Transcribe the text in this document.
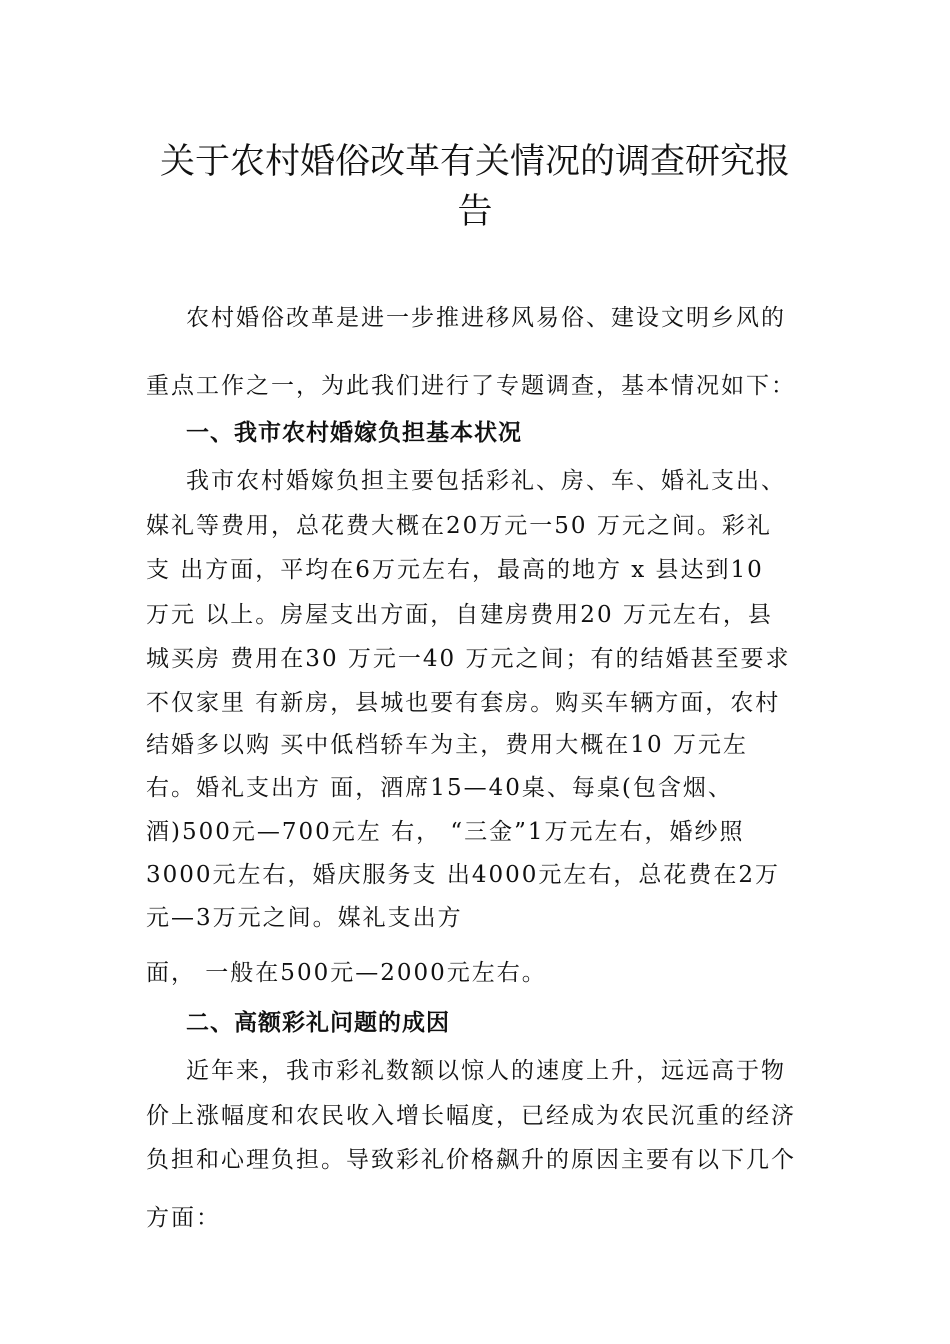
关于农村婚俗改革有关情况的调查研究报
告
农村婚俗改革是进一步推进移风易俗、建设文明乡风的
重点工作之一，为此我们进行了专题调查，基本情况如下：
一、我市农村婚嫁负担基本状况
我市农村婚嫁负担主要包括彩礼、房、车、婚礼支出、
媒礼等费用，总花费大概在20万元一50 万元之间。彩礼
支 出方面，平均在6万元左右，最高的地方 x 县达到10
万元 以上。房屋支出方面，自建房费用20 万元左右，县
城买房 费用在30 万元一40 万元之间；有的结婚甚至要求
不仅家里 有新房，县城也要有套房。购买车辆方面，农村
结婚多以购 买中低档轿车为主，费用大概在10 万元左
右。婚礼支出方 面，酒席15—40桌、每桌(包含烟、
酒)500元—700元左 右， “三金”1万元左右，婚纱照
3000元左右，婚庆服务支 出4000元左右，总花费在2万
元—3万元之间。媒礼支出方
面， 一般在500元—2000元左右。
二、高额彩礼问题的成因
近年来，我市彩礼数额以惊人的速度上升，远远高于物
价上涨幅度和农民收入增长幅度，已经成为农民沉重的经济
负担和心理负担。导致彩礼价格飙升的原因主要有以下几个
方面：
